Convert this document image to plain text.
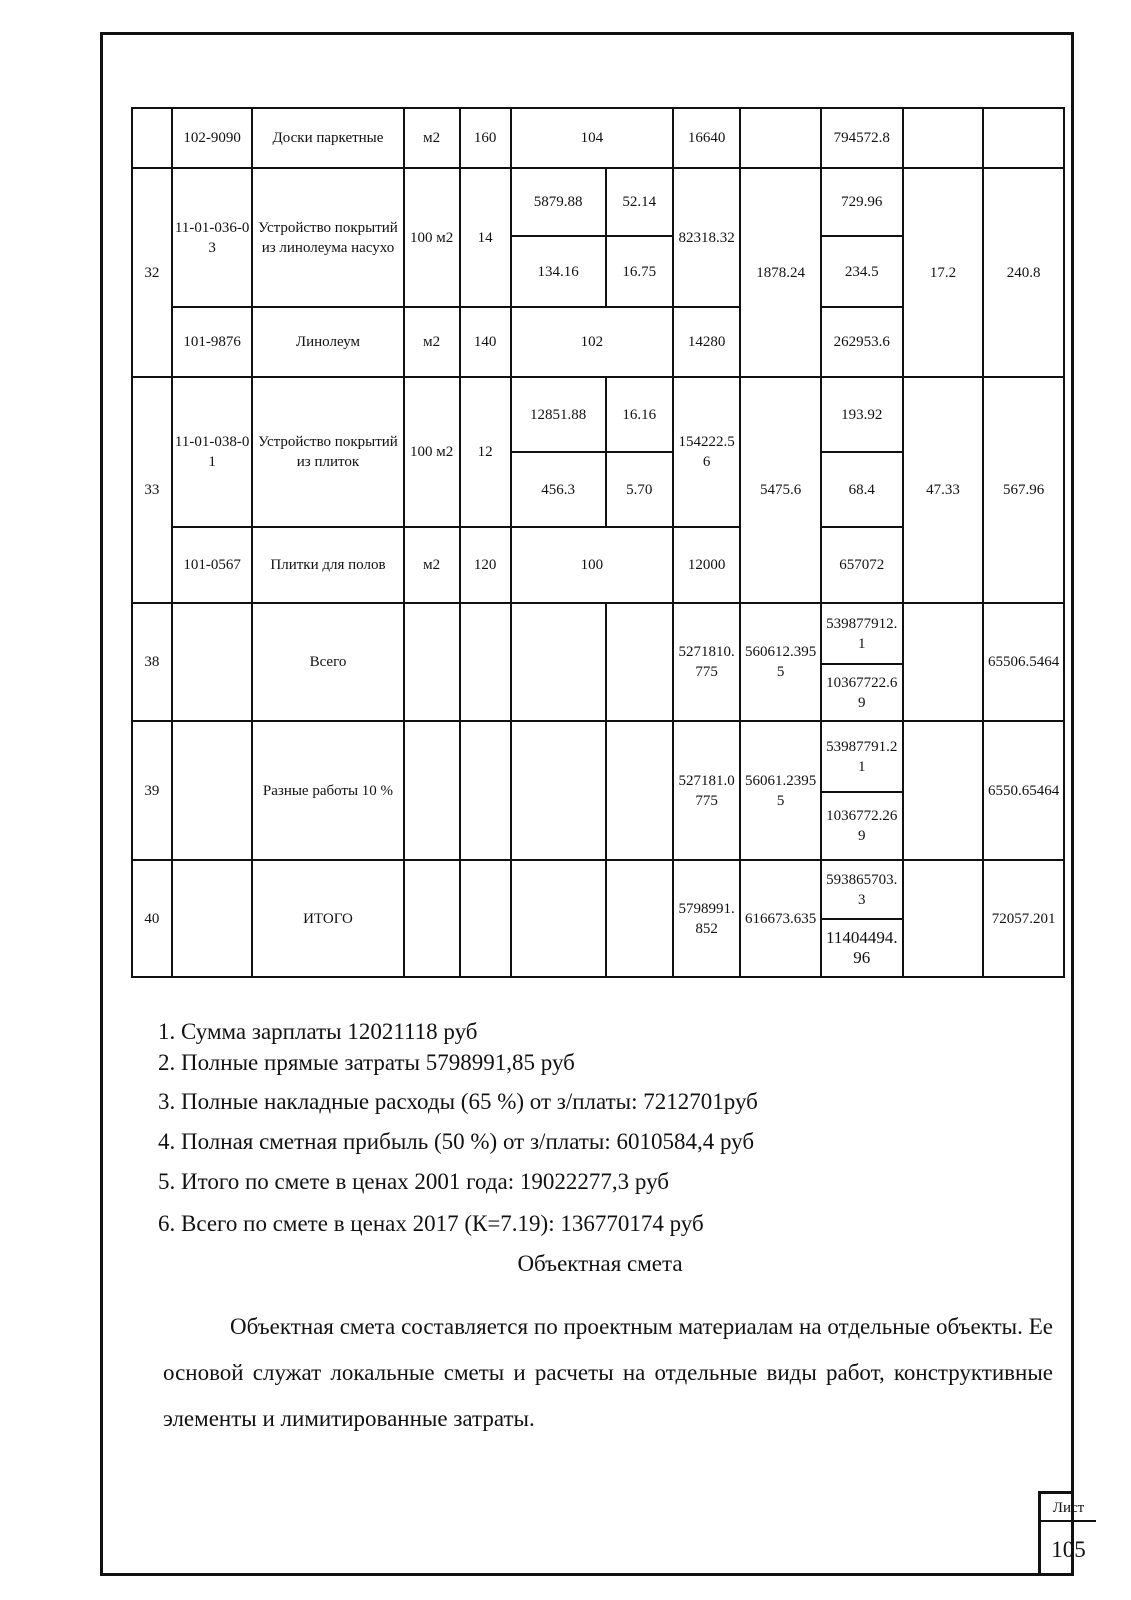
	102-9090	Доски паркетные	м2	160	104		16640		794572.8		
32	11-01-036-03	Устройство покрытий из линолеума насухо	100 м2	14	5879.88	52.14	82318.32	1878.24	729.96	17.2	240.8
					134.16	16.75			234.5		
	101-9876	Линолеум	м2	140	102		14280		262953.6		
33	11-01-038-01	Устройство покрытий из плиток	100 м2	12	12851.88	16.16	154222.56	5475.6	193.92	47.33	567.96
					456.3	5.70			68.4		
	101-0567	Плитки для полов	м2	120	100		12000		657072		
38		Всего					5271810.775	560612.3955	539877912.1		65506.5464
									10367722.69		
39		Разные работы 10 %					527181.0775	56061.23955	53987791.21		6550.65464
									1036772.269		
40		ИТОГО					5798991.852	616673.635	593865703.3		72057.201
									11404494.96		
1. Сумма зарплаты 12021118 руб
2. Полные прямые затраты 5798991,85 руб
3. Полные накладные расходы (65 %) от з/платы: 7212701руб
4. Полная сметная прибыль (50 %) от з/платы: 6010584,4 руб
5. Итого по смете в ценах 2001 года: 19022277,3 руб
6. Всего по смете в ценах 2017 (К=7.19): 136770174 руб
Объектная смета

Объектная смета составляется по проектным материалам на отдельные объекты. Ее основой служат локальные сметы и расчеты на отдельные виды работ, конструктивные элементы и лимитированные затраты.

Лист
105
